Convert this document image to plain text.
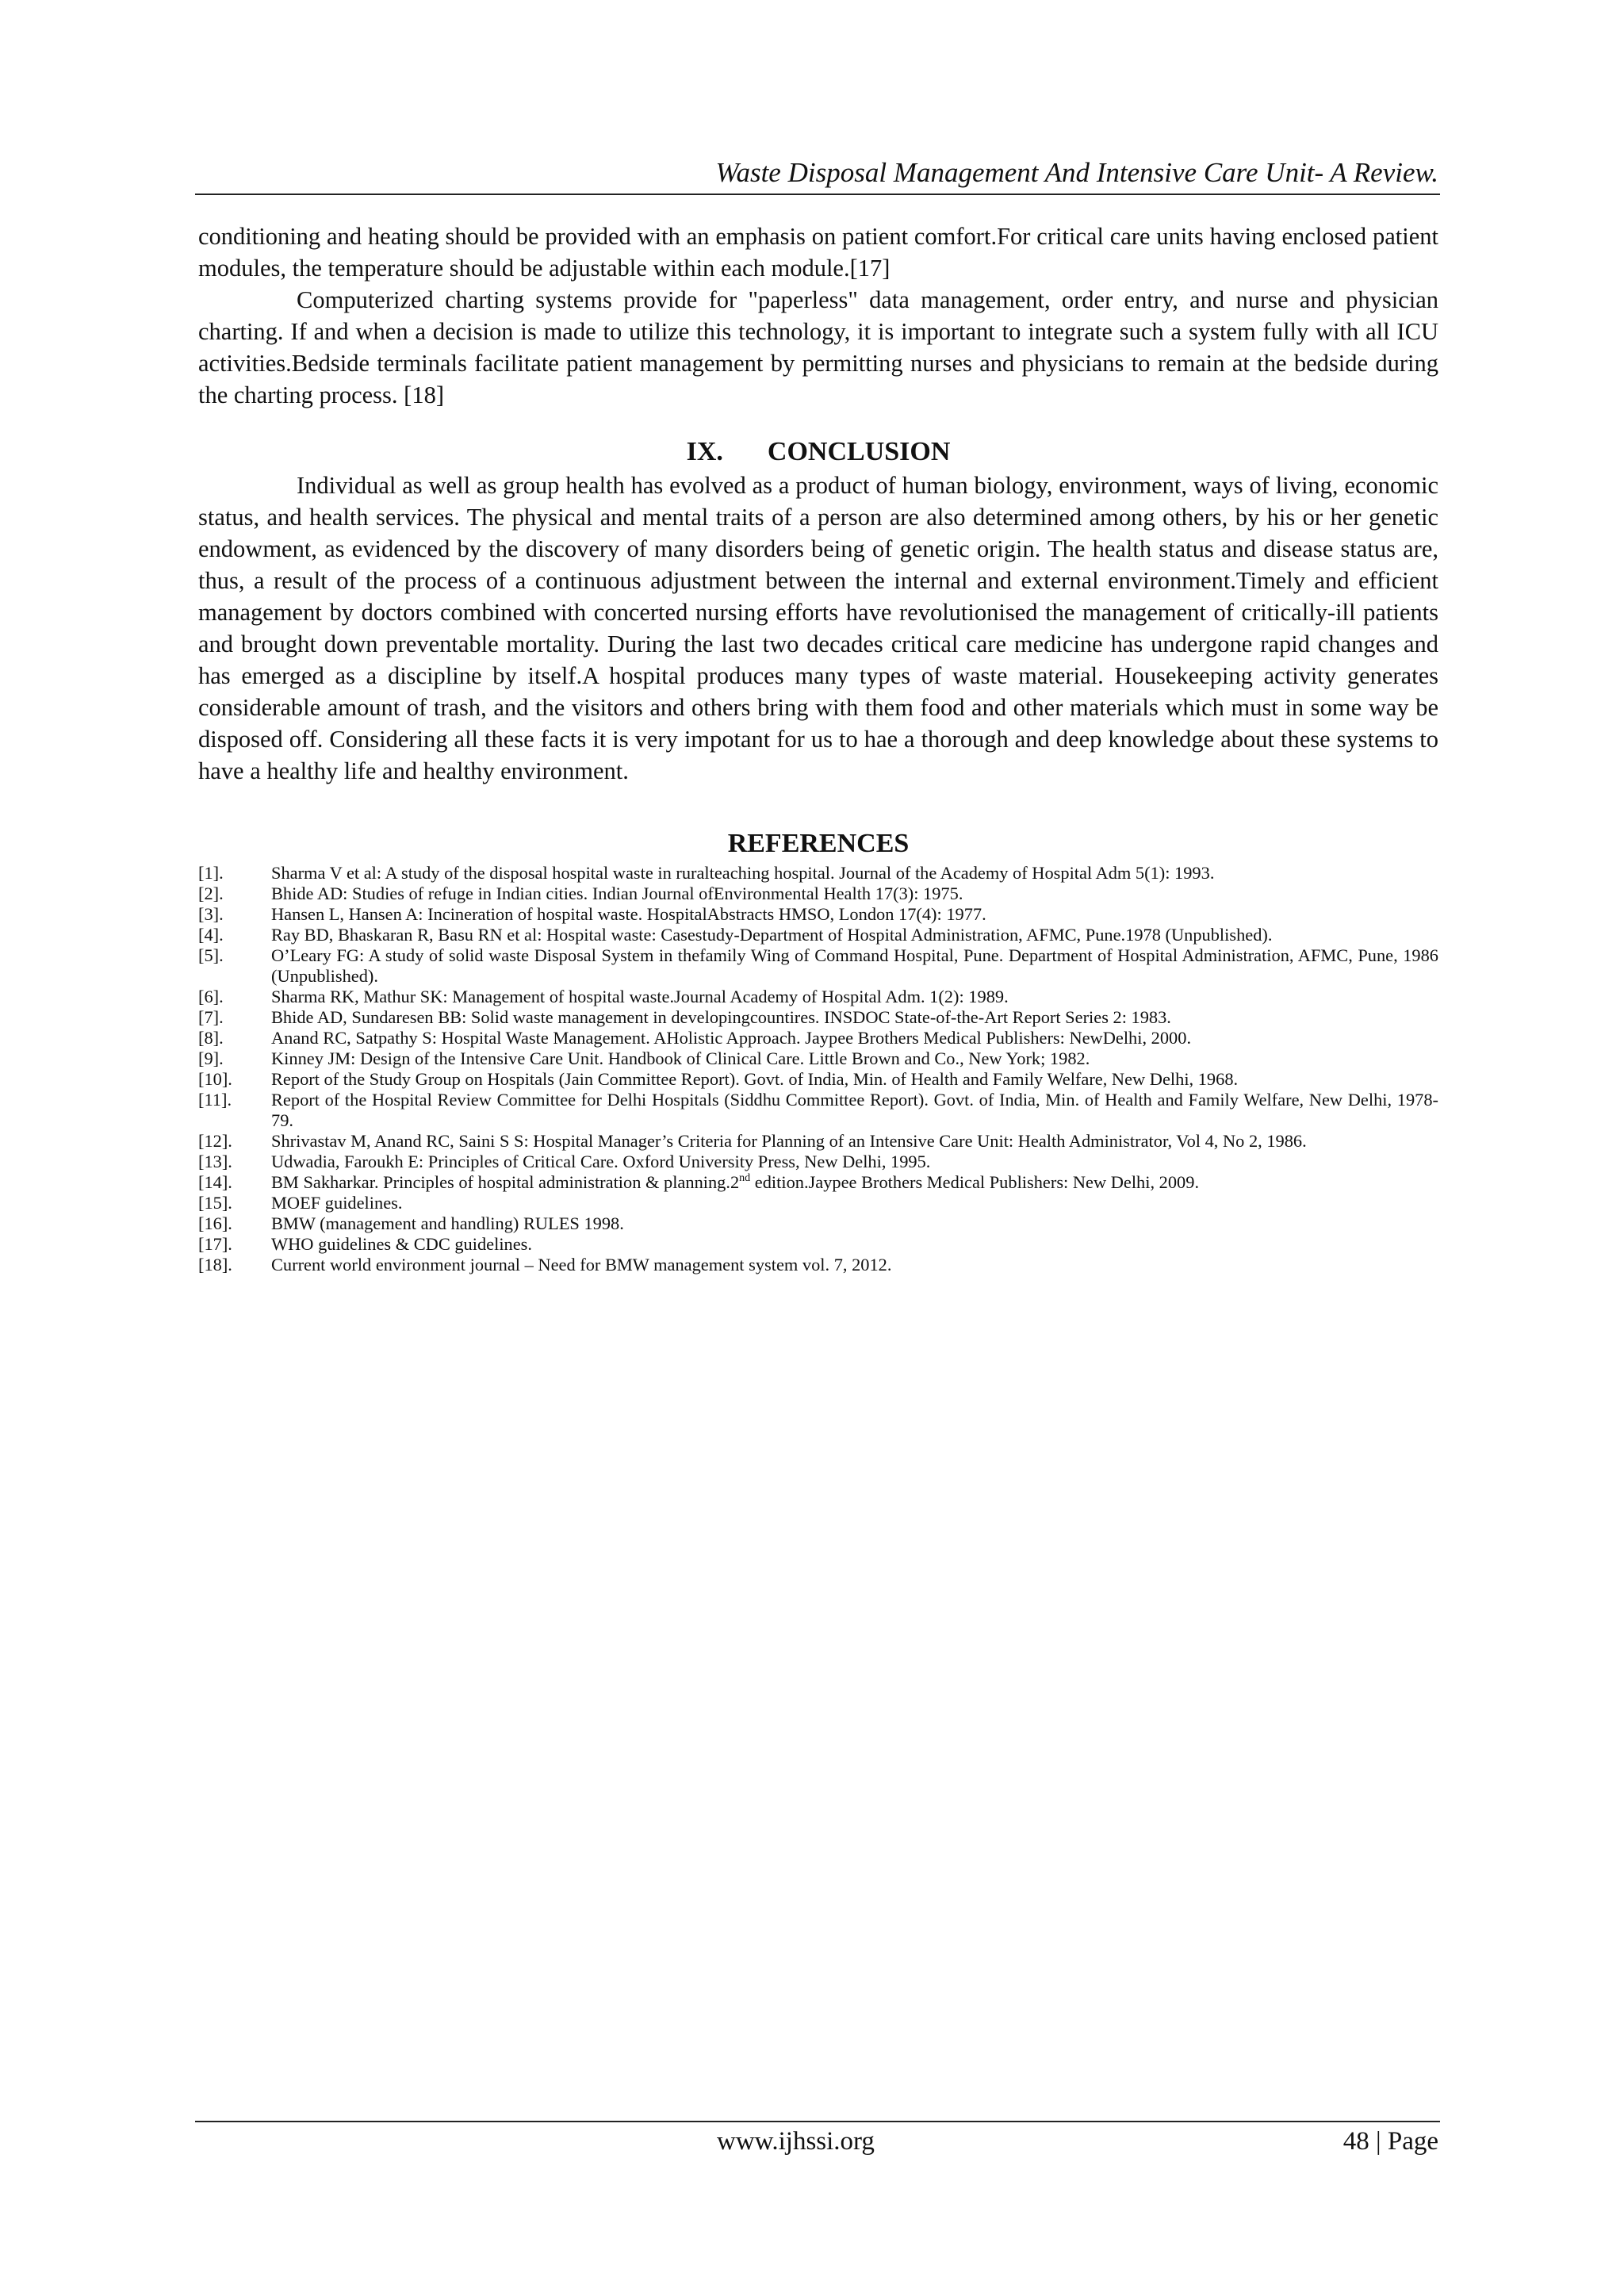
Waste Disposal Management And Intensive Care Unit- A Review.

conditioning and heating should be provided with an emphasis on patient comfort.For critical care units having enclosed patient modules, the temperature should be adjustable within each module.[17]

Computerized charting systems provide for "paperless" data management, order entry, and nurse and physician charting. If and when a decision is made to utilize this technology, it is important to integrate such a system fully with all ICU activities.Bedside terminals facilitate patient management by permitting nurses and physicians to remain at the bedside during the charting process. [18]

IX. CONCLUSION

Individual as well as group health has evolved as a product of human biology, environment, ways of living, economic status, and health services. The physical and mental traits of a person are also determined among others, by his or her genetic endowment, as evidenced by the discovery of many disorders being of genetic origin. The health status and disease status are, thus, a result of the process of a continuous adjustment between the internal and external environment.Timely and efficient management by doctors combined with concerted nursing efforts have revolutionised the management of critically-ill patients and brought down preventable mortality. During the last two decades critical care medicine has undergone rapid changes and has emerged as a discipline by itself.A hospital produces many types of waste material. Housekeeping activity generates considerable amount of trash, and the visitors and others bring with them food and other materials which must in some way be disposed off. Considering all these facts it is very impotant for us to hae a thorough and deep knowledge about these systems to have a healthy life and healthy environment.

REFERENCES
[1].	Sharma V et al: A study of the disposal hospital waste in ruralteaching hospital. Journal of the Academy of Hospital Adm 5(1): 1993.
[2].	Bhide AD: Studies of refuge in Indian cities. Indian Journal ofEnvironmental Health 17(3): 1975.
[3].	Hansen L, Hansen A: Incineration of hospital waste. HospitalAbstracts HMSO, London 17(4): 1977.
[4].	Ray BD, Bhaskaran R, Basu RN et al: Hospital waste: Casestudy-Department of Hospital Administration, AFMC, Pune.1978 (Unpublished).
[5].	O’Leary FG: A study of solid waste Disposal System in thefamily Wing of Command Hospital, Pune. Department of Hospital Administration, AFMC, Pune, 1986 (Unpublished).
[6].	Sharma RK, Mathur SK: Management of hospital waste.Journal Academy of Hospital Adm. 1(2): 1989.
[7].	Bhide AD, Sundaresen BB: Solid waste management in developingcountires. INSDOC State-of-the-Art Report Series 2: 1983.
[8].	Anand RC, Satpathy S: Hospital Waste Management. AHolistic Approach. Jaypee Brothers Medical Publishers: NewDelhi, 2000.
[9].	Kinney JM: Design of the Intensive Care Unit. Handbook of Clinical Care. Little Brown and Co., New York; 1982.
[10].	Report of the Study Group on Hospitals (Jain Committee Report). Govt. of India, Min. of Health and Family Welfare, New Delhi, 1968.
[11].	Report of the Hospital Review Committee for Delhi Hospitals (Siddhu Committee Report). Govt. of India, Min. of Health and Family Welfare, New Delhi, 1978-79.
[12].	Shrivastav M, Anand RC, Saini S S: Hospital Manager’s Criteria for Planning of an Intensive Care Unit: Health Administrator, Vol 4, No 2, 1986.
[13].	Udwadia, Faroukh E: Principles of Critical Care. Oxford University Press, New Delhi, 1995.
[14].	BM Sakharkar. Principles of hospital administration & planning.2nd edition.Jaypee Brothers Medical Publishers: New Delhi, 2009.
[15].	MOEF guidelines.
[16].	BMW (management and handling) RULES 1998.
[17].	WHO guidelines & CDC guidelines.
[18].	Current world environment journal – Need for BMW management system vol. 7, 2012.
www.ijhssi.org	48 | Page
